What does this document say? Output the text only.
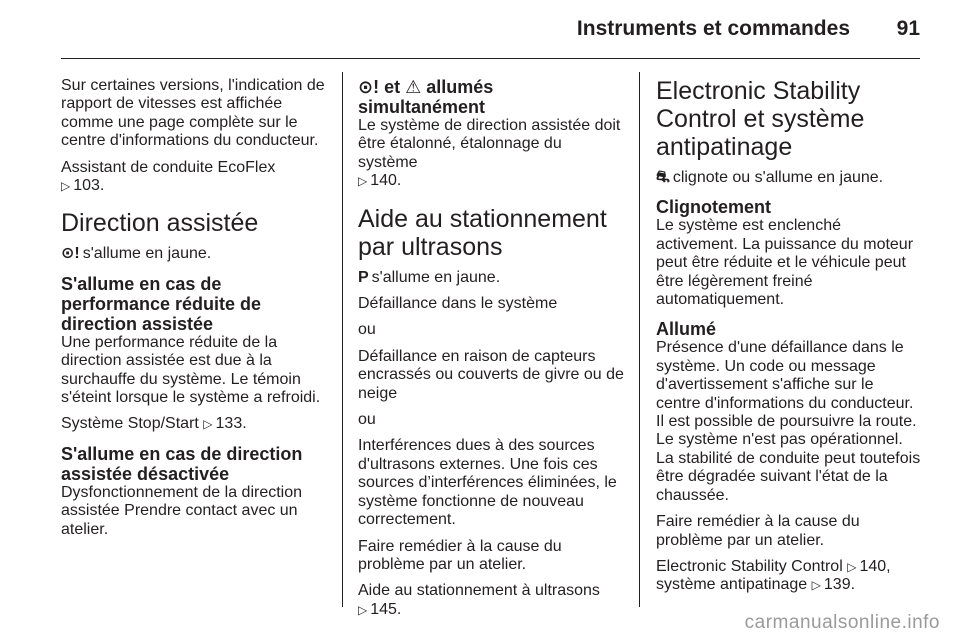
Instruments et commandes	91

Sur certaines versions, l'indication de rapport de vitesses est affichée comme une page complète sur le centre d'informations du conducteur.

Assistant de conduite EcoFlex
▷ 103.

Direction assistée

⊙! s'allume en jaune.

S'allume en cas de performance réduite de direction assistée

Une performance réduite de la direction assistée est due à la surchauffe du système. Le témoin s'éteint lorsque le système a refroidi.

Système Stop/Start ▷ 133.

S'allume en cas de direction assistée désactivée

Dysfonctionnement de la direction assistée Prendre contact avec un atelier.

⊙! et ⚠ allumés simultanément

Le système de direction assistée doit être étalonné, étalonnage du système
▷ 140.

Aide au stationnement par ultrasons

P s'allume en jaune.

Défaillance dans le système

ou

Défaillance en raison de capteurs encrassés ou couverts de givre ou de neige

ou

Interférences dues à des sources d'ultrasons externes. Une fois ces sources d’interférences éliminées, le système fonctionne de nouveau correctement.

Faire remédier à la cause du problème par un atelier.

Aide au stationnement à ultrasons
▷ 145.

Electronic Stability Control et système antipatinage

⛐ clignote ou s'allume en jaune.

Clignotement

Le système est enclenché activement. La puissance du moteur peut être réduite et le véhicule peut être légèrement freiné automatiquement.

Allumé

Présence d'une défaillance dans le système. Un code ou message d'avertissement s'affiche sur le centre d'informations du conducteur. Il est possible de poursuivre la route. Le système n'est pas opérationnel. La stabilité de conduite peut toutefois être dégradée suivant l'état de la chaussée.

Faire remédier à la cause du problème par un atelier.

Electronic Stability Control ▷ 140,
système antipatinage ▷ 139.

carmanualsonline.info
